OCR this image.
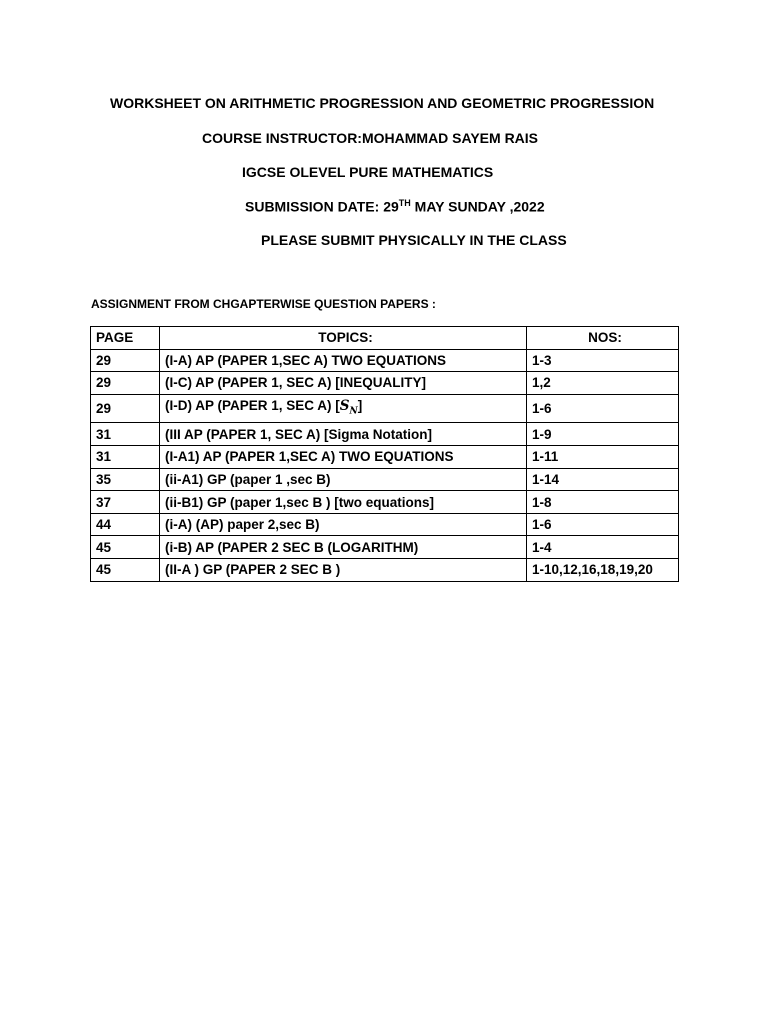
WORKSHEET ON ARITHMETIC PROGRESSION AND GEOMETRIC PROGRESSION
COURSE INSTRUCTOR:MOHAMMAD SAYEM RAIS
IGCSE OLEVEL PURE MATHEMATICS
SUBMISSION DATE: 29TH MAY SUNDAY ,2022
PLEASE SUBMIT PHYSICALLY IN THE CLASS
ASSIGNMENT FROM CHGAPTERWISE QUESTION PAPERS :
PAGE	TOPICS:	NOS:
29	(I-A) AP (PAPER 1,SEC A) TWO EQUATIONS	1-3
29	(I-C) AP (PAPER 1, SEC A) [INEQUALITY]	1,2
29	(I-D) AP (PAPER 1, SEC A) $[S_N]$	1-6
31	(III AP (PAPER 1, SEC A) [Sigma Notation]	1-9
31	(I-A1) AP (PAPER 1,SEC A) TWO EQUATIONS	1-11
35	(ii-A1) GP (paper 1 ,sec B)	1-14
37	(ii-B1) GP (paper 1,sec B ) [two equations]	1-8
44	(i-A) (AP) paper 2,sec B)	1-6
45	(i-B) AP (PAPER 2 SEC B (LOGARITHM)	1-4
45	(II-A ) GP (PAPER 2 SEC B )	1-10,12,16,18,19,20
